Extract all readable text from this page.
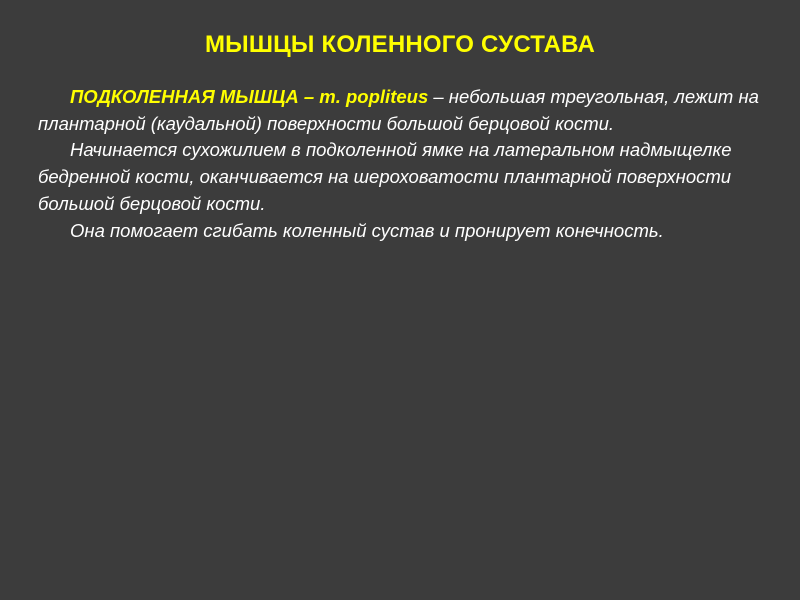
МЫШЦЫ КОЛЕННОГО СУСТАВА

ПОДКОЛЕННАЯ МЫШЦА – m. popliteus – небольшая треугольная, лежит на плантарной (каудальной) поверхности большой берцовой кости.

Начинается сухожилием в подколенной ямке на латеральном надмыщелке бедренной кости, оканчивается на шероховатости плантарной поверхности большой берцовой кости.

Она помогает сгибать коленный сустав и пронирует конечность.
